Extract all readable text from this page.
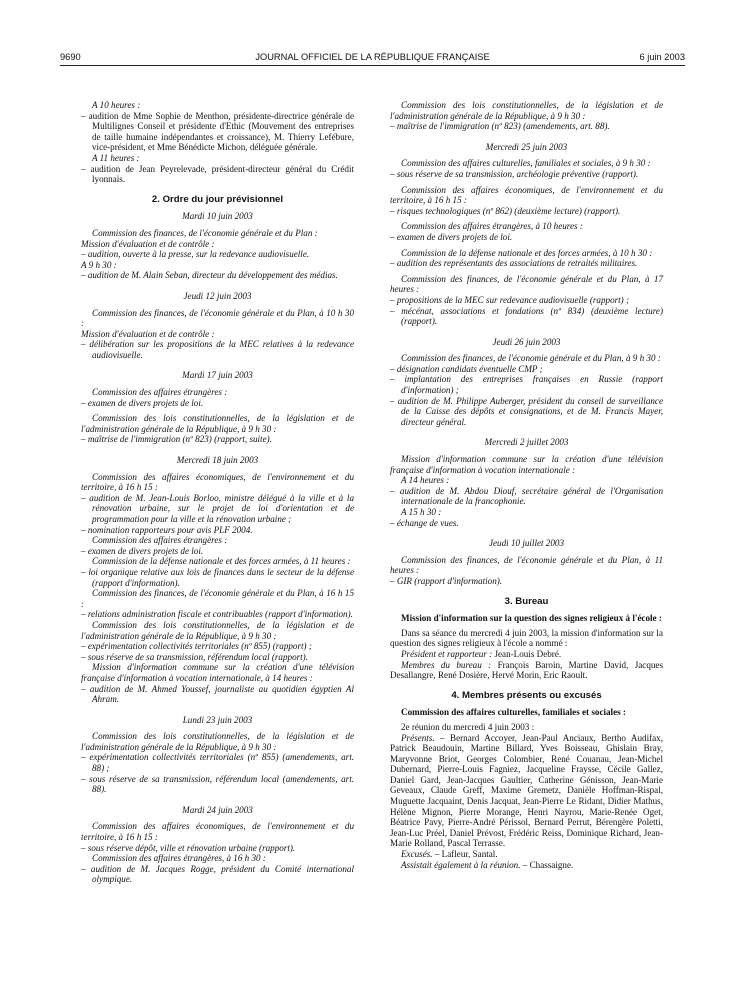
9690	JOURNAL OFFICIEL DE LA RÉPUBLIQUE FRANÇAISE	6 juin 2003

A 10 heures :

– audition de Mme Sophie de Menthon, présidente-directrice générale de Multilignes Conseil et présidente d'Ethic (Mouvement des entreprises de taille humaine indépendantes et croissance), M. Thierry Lefébure, vice-président, et Mme Bénédicte Michon, déléguée générale.

A 11 heures :

– audition de Jean Peyrelevade, président-directeur général du Crédit lyonnais.

2. Ordre du jour prévisionnel
Mardi 10 juin 2003

Commission des finances, de l'économie générale et du Plan :

Mission d'évaluation et de contrôle :

– audition, ouverte à la presse, sur la redevance audiovisuelle.

A 9 h 30 :

– audition de M. Alain Seban, directeur du développement des médias.

Jeudi 12 juin 2003

Commission des finances, de l'économie générale et du Plan, à 10 h 30 :

Mission d'évaluation et de contrôle :

– délibération sur les propositions de la MEC relatives à la redevance audiovisuelle.

Mardi 17 juin 2003

Commission des affaires étrangères :

– examen de divers projets de loi.

Commission des lois constitutionnelles, de la législation et de l'administration générale de la République, à 9 h 30 :

– maîtrise de l'immigration (nº 823) (rapport, suite).

Mercredi 18 juin 2003

Commission des affaires économiques, de l'environnement et du territoire, à 16 h 15 :

– audition de M. Jean-Louis Borloo, ministre délégué à la ville et à la rénovation urbaine, sur le projet de loi d'orientation et de programmation pour la ville et la rénovation urbaine ;

– nomination rapporteurs pour avis PLF 2004.

Commission des affaires étrangères :

– examen de divers projets de loi.

Commission de la défense nationale et des forces armées, à 11 heures :

– loi organique relative aux lois de finances dans le secteur de la défense (rapport d'information).

Commission des finances, de l'économie générale et du Plan, à 16 h 15 :

– relations administration fiscale et contribuables (rapport d'information).

Commission des lois constitutionnelles, de la législation et de l'administration générale de la République, à 9 h 30 :

– expérimentation collectivités territoriales (nº 855) (rapport) ;

– sous réserve de sa transmission, référendum local (rapport).

Mission d'information commune sur la création d'une télévision française d'information à vocation internationale, à 14 heures :

– audition de M. Ahmed Youssef, journaliste au quotidien égyptien Al Ahram.

Lundi 23 juin 2003

Commission des lois constitutionnelles, de la législation et de l'administration générale de la République, à 9 h 30 :

– expérimentation collectivités territoriales (nº 855) (amendements, art. 88) ;

– sous réserve de sa transmission, référendum local (amendements, art. 88).

Mardi 24 juin 2003

Commission des affaires économiques, de l'environnement et du territoire, à 16 h 15 :

– sous réserve dépôt, ville et rénovation urbaine (rapport).

Commission des affaires étrangères, à 16 h 30 :

– audition de M. Jacques Rogge, président du Comité international olympique.

Commission des lois constitutionnelles, de la législation et de l'administration générale de la République, à 9 h 30 :

– maîtrise de l'immigration (nº 823) (amendements, art. 88).

Mercredi 25 juin 2003

Commission des affaires culturelles, familiales et sociales, à 9 h 30 :

– sous réserve de sa transmission, archéologie préventive (rapport).

Commission des affaires économiques, de l'environnement et du territoire, à 16 h 15 :

– risques technologiques (nº 862) (deuxième lecture) (rapport).

Commission des affaires étrangères, à 10 heures :

– examen de divers projets de loi.

Commission de la défense nationale et des forces armées, à 10 h 30 :

– audition des représentants des associations de retraités militaires.

Commission des finances, de l'économie générale et du Plan, à 17 heures :

– propositions de la MEC sur redevance audiovisuelle (rapport) ;

– mécénat, associations et fondations (nº 834) (deuxième lecture) (rapport).

Jeudi 26 juin 2003

Commission des finances, de l'économie générale et du Plan, à 9 h 30 :

– désignation candidats éventuelle CMP ;

– implantation des entreprises françaises en Russie (rapport d'information) ;

– audition de M. Philippe Auberger, président du conseil de surveillance de la Caisse des dépôts et consignations, et de M. Francis Mayer, directeur général.

Mercredi 2 juillet 2003

Mission d'information commune sur la création d'une télévision française d'information à vocation internationale :

A 14 heures :

– audition de M. Abdou Diouf, secrétaire général de l'Organisation internationale de la francophonie.

A 15 h 30 :

– échange de vues.

Jeudi 10 juillet 2003

Commission des finances, de l'économie générale et du Plan, à 11 heures :

– GIR (rapport d'information).

3. Bureau

Mission d'information sur la question des signes religieux à l'école :

Dans sa séance du mercredi 4 juin 2003, la mission d'information sur la question des signes religieux à l'école a nommé :

Président et rapporteur : Jean-Louis Debré.

Membres du bureau : François Baroin, Martine David, Jacques Desallangre, René Dosière, Hervé Morin, Eric Raoult.

4. Membres présents ou excusés

Commission des affaires culturelles, familiales et sociales :

2e réunion du mercredi 4 juin 2003 :

Présents. – Bernard Accoyer, Jean-Paul Anciaux, Bertho Audifax, Patrick Beaudouin, Martine Billard, Yves Boisseau, Ghislain Bray, Maryvonne Briot, Georges Colombier, René Couanau, Jean-Michel Dubernard, Pierre-Louis Fagniez, Jacqueline Fraysse, Cécile Gallez, Daniel Gard, Jean-Jacques Gaultier, Catherine Génisson, Jean-Marie Geveaux, Claude Greff, Maxime Gremetz, Danièle Hoffman-Rispal, Muguette Jacquaint, Denis Jacquat, Jean-Pierre Le Ridant, Didier Mathus, Hélène Mignon, Pierre Morange, Henri Nayrou, Marie-Renée Oget, Béatrice Pavy, Pierre-André Périssol, Bernard Perrut, Bérengère Poletti, Jean-Luc Préel, Daniel Prévost, Frédéric Reiss, Dominique Richard, Jean-Marie Rolland, Pascal Terrasse.

Excusés. – Lafleur, Santal.

Assistait également à la réunion. – Chassaigne.
